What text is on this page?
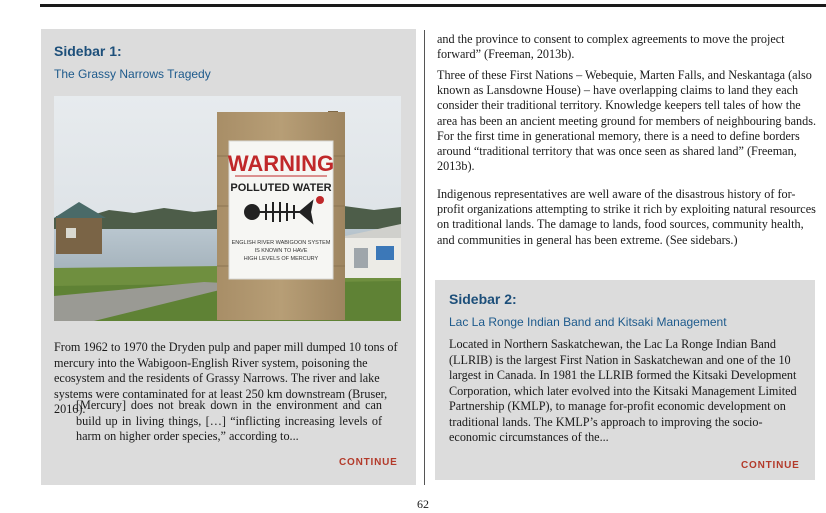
Sidebar 1:
The Grassy Narrows Tragedy
WARNING
POLLUTED WATER
ENGLISH RIVER WABIGOON SYSTEM
IS KNOWN TO HAVE
HIGH LEVELS OF MERCURY

From 1962 to 1970 the Dryden pulp and paper mill dumped 10 tons of mercury into the Wabigoon-English River system, poisoning the ecosystem and the residents of Grassy Narrows. The river and lake systems were contaminated for at least 250 km downstream (Bruser, 2016).

[Mercury] does not break down in the environment and can build up in living things, […] “inflicting increasing levels of harm on higher order species,” according to...

CONTINUE

and the province to consent to complex agreements to move the project forward” (Freeman, 2013b).

Three of these First Nations – Webequie, Marten Falls, and Neskantaga (also known as Lansdowne House) – have overlapping claims to land they each consider their traditional territory. Knowledge keepers tell tales of how the area has been an ancient meeting ground for members of neighbouring bands. For the first time in generational memory, there is a need to define borders around “traditional territory that was once seen as shared land” (Freeman, 2013b).

Indigenous representatives are well aware of the disastrous history of for-profit organizations attempting to strike it rich by exploiting natural resources on traditional lands. The damage to lands, food sources, community health, and communities in general has been extreme. (See sidebars.)

Sidebar 2:
Lac La Ronge Indian Band and Kitsaki Management

Located in Northern Saskatchewan, the Lac La Ronge Indian Band (LLRIB) is the largest First Nation in Saskatchewan and one of the 10 largest in Canada. In 1981 the LLRIB formed the Kitsaki Development Corporation, which later evolved into the Kitsaki Management Limited Partnership (KMLP), to manage for-profit economic development on traditional lands. The KMLP’s approach to improving the socio-economic circumstances of the...

CONTINUE
62
